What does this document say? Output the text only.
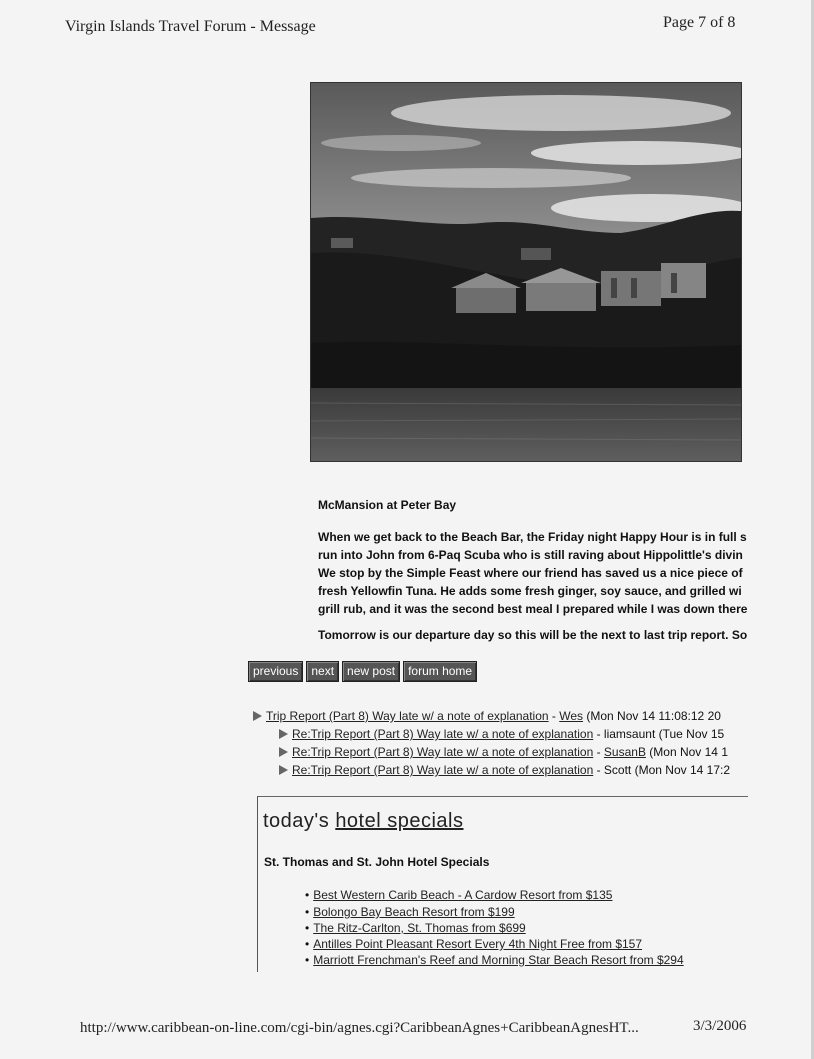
Virgin Islands Travel Forum - Message	Page 7 of 8
McMansion at Peter Bay
When we get back to the Beach Bar, the Friday night Happy Hour is in full s
run into John from 6-Paq Scuba who is still raving about Hippolittle's divin
We stop by the Simple Feast where our friend has saved us a nice piece of
fresh Yellowfin Tuna. He adds some fresh ginger, soy sauce, and grilled wi
grill rub, and it was the second best meal I prepared while I was down there
Tomorrow is our departure day so this will be the next to last trip report. So
previous	next	new post	forum home
Trip Report (Part 8) Way late w/ a note of explanation - Wes (Mon Nov 14 11:08:12 20
Re:Trip Report (Part 8) Way late w/ a note of explanation - liamsaunt (Tue Nov 15
Re:Trip Report (Part 8) Way late w/ a note of explanation - SusanB (Mon Nov 14 1
Re:Trip Report (Part 8) Way late w/ a note of explanation - Scott (Mon Nov 14 17:2
today's hotel specials
St. Thomas and St. John Hotel Specials
• Best Western Carib Beach - A Cardow Resort from $135
• Bolongo Bay Beach Resort from $199
• The Ritz-Carlton, St. Thomas from $699
• Antilles Point Pleasant Resort Every 4th Night Free from $157
• Marriott Frenchman's Reef and Morning Star Beach Resort from $294
http://www.caribbean-on-line.com/cgi-bin/agnes.cgi?CaribbeanAgnes+CaribbeanAgnesHT...	3/3/2006
